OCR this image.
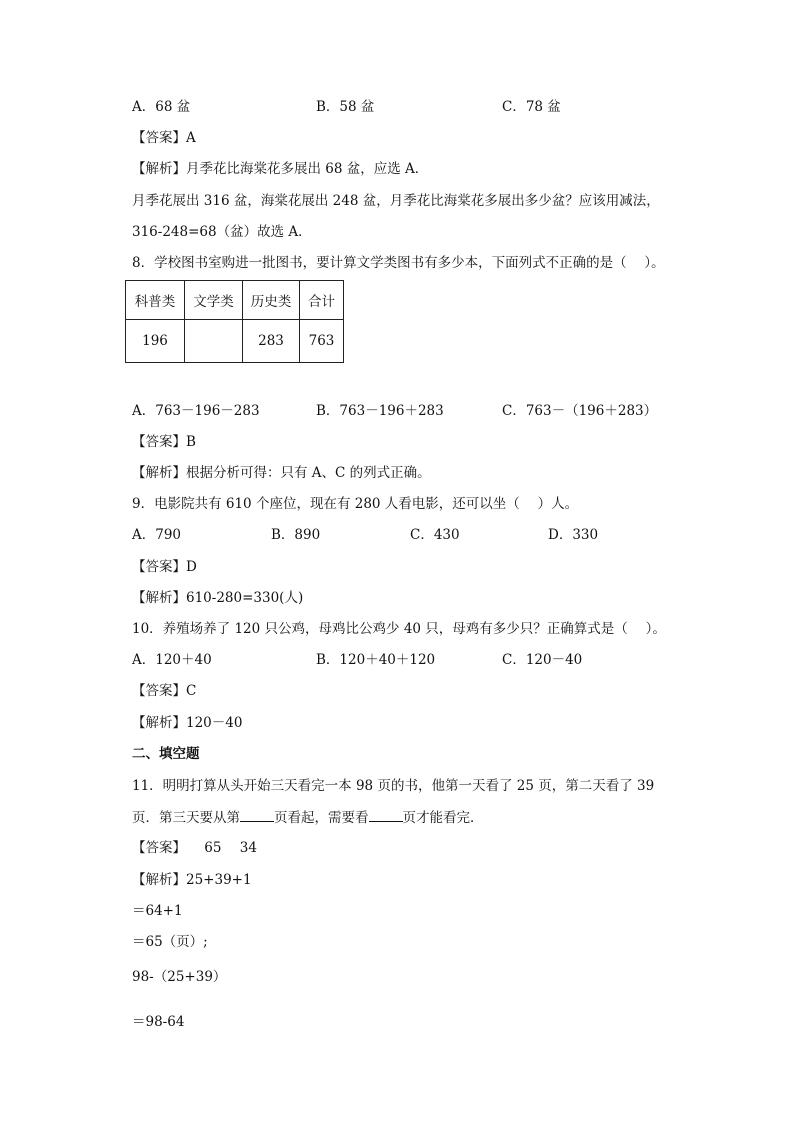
A．68 盆	B．58 盆	C．78 盆
【答案】A
【解析】月季花比海棠花多展出 68 盆，应选 A．
月季花展出 316 盆，海棠花展出 248 盆，月季花比海棠花多展出多少盆？应该用减法，
316-248=68（盆）故选 A．
8．学校图书室购进一批图书，要计算文学类图书有多少本，下面列式不正确的是（　 ）。
科普类	文学类	历史类	合计
196		283	763
A．763－196－283	B．763－196＋283	C．763－（196＋283）
【答案】B
【解析】根据分析可得：只有 A、C 的列式正确。
9．电影院共有 610 个座位，现在有 280 人看电影，还可以坐（　 ）人。
A．790	B．890	C．430	D．330
【答案】D
【解析】610-280=330(人)
10．养殖场养了 120 只公鸡，母鸡比公鸡少 40 只，母鸡有多少只？正确算式是（　 ）。
A．120＋40	B．120＋40＋120	C．120－40
【答案】C
【解析】120－40
二、填空题
11．明明打算从头开始三天看完一本 98 页的书，他第一天看了 25 页，第二天看了 39
页．第三天要从第	页看起，需要看	页才能看完．
【答案】 65 34
【解析】25+39+1
＝64+1
＝65（页）;
98-（25+39）
＝98-64
